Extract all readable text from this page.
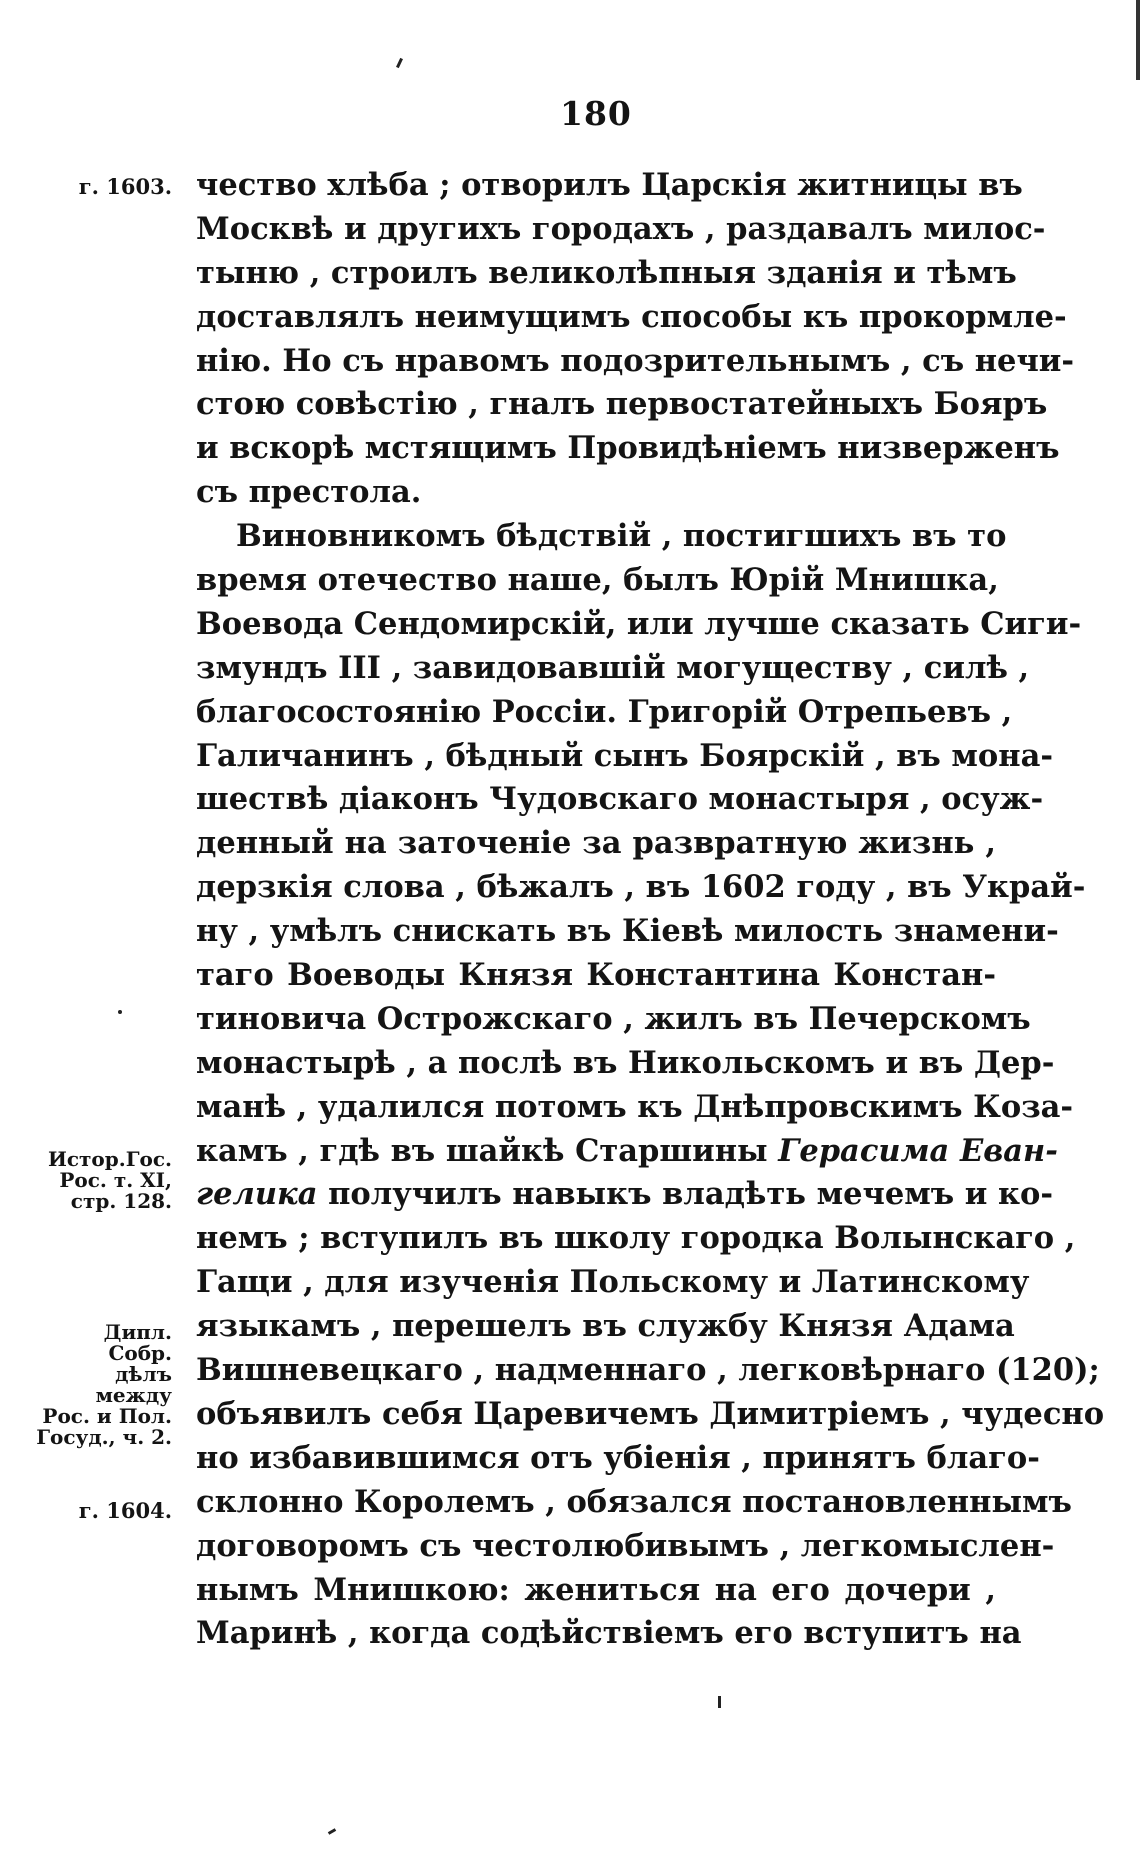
180
г. 1603.
Истор.Гос.
Рос. т. XI,
стр. 128.
Дипл. Собр.
дѣлъ между
Рос. и Пол.
Госуд., ч. 2.
г. 1604.
чество хлѣба ; отворилъ Царскія житницы въ
Москвѣ и другихъ городахъ , раздавалъ милос-
тыню , строилъ великолѣпныя зданія и тѣмъ
доставлялъ неимущимъ способы къ прокормле-
нію. Но съ нравомъ подозрительнымъ , съ нечи-
стою совѣстію , гналъ первостатейныхъ Бояръ
и вскорѣ мстящимъ Провидѣніемъ низверженъ
съ престола.
Виновникомъ бѣдствій , постигшихъ въ то
время отечество наше, былъ Юрій Мнишка,
Воевода Сендомирскій, или лучше сказать Сиги-
змундъ III , завидовавшій могуществу , силѣ ,
благосостоянію Россіи. Григорій Отрепьевъ ,
Галичанинъ , бѣдный сынъ Боярскій , въ мона-
шествѣ діаконъ Чудовскаго монастыря , осуж-
денный на заточеніе за развратную жизнь ,
дерзкія слова , бѣжалъ , въ 1602 году , въ Украй-
ну , умѣлъ снискать въ Кіевѣ милость знамени-
таго Воеводы Князя Константина Констан-
тиновича Острожскаго , жилъ въ Печерскомъ
монастырѣ , а послѣ въ Никольскомъ и въ Дер-
манѣ , удалился потомъ къ Днѣпровскимъ Коза-
камъ , гдѣ въ шайкѣ Старшины Герасима Еван-
гелика получилъ навыкъ владѣть мечемъ и ко-
немъ ; вступилъ въ школу городка Волынскаго ,
Гащи , для изученія Польскому и Латинскому
языкамъ , перешелъ въ службу Князя Адама
Вишневецкаго , надменнаго , легковѣрнаго (120);
объявилъ себя Царевичемъ Димитріемъ , чудесно
но избавившимся отъ убіенія , принятъ благо-
склонно Королемъ , обязался постановленнымъ
договоромъ съ честолюбивымъ , легкомыслен-
нымъ Мнишкою: жениться на его дочери ,
Маринѣ , когда содѣйствіемъ его вступитъ на
